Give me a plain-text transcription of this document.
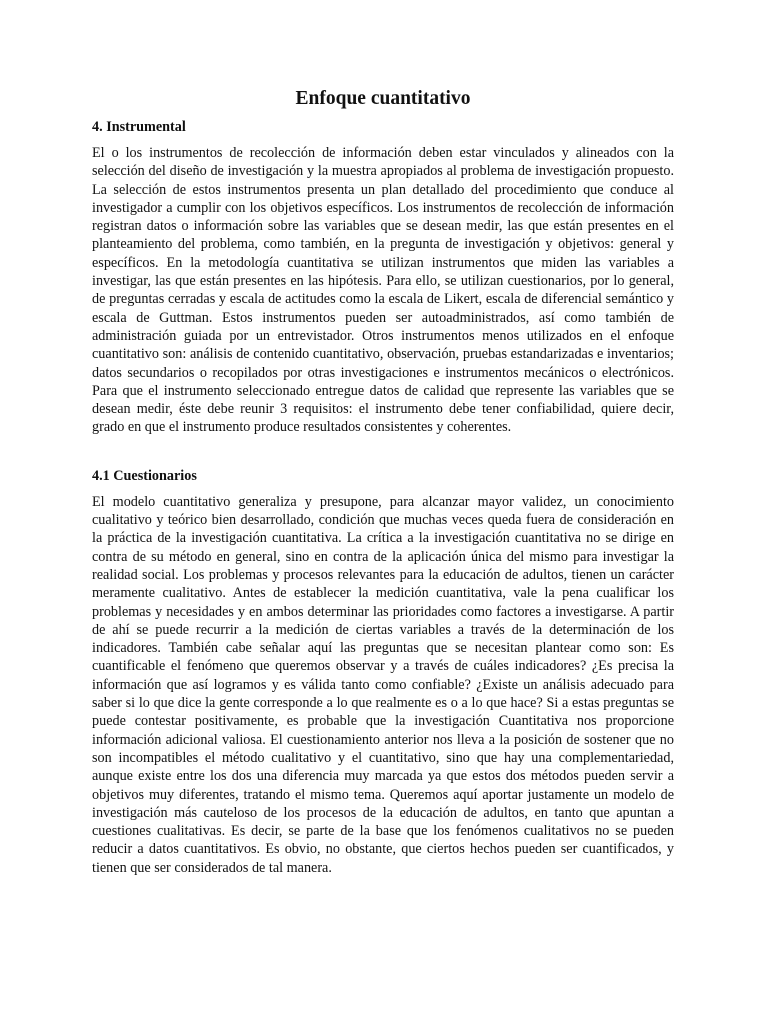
Enfoque cuantitativo
4. Instrumental

El o los instrumentos de recolección de información deben estar vinculados y alineados con la selección del diseño de investigación y la muestra apropiados al problema de investigación propuesto. La selección de estos instrumentos presenta un plan detallado del procedimiento que conduce al investigador a cumplir con los objetivos específicos. Los instrumentos de recolección de información registran datos o información sobre las variables que se desean medir, las que están presentes en el planteamiento del problema, como también, en la pregunta de investigación y objetivos: general y específicos. En la metodología cuantitativa se utilizan instrumentos que miden las variables a investigar, las que están presentes en las hipótesis. Para ello, se utilizan cuestionarios, por lo general, de preguntas cerradas y escala de actitudes como la escala de Likert, escala de diferencial semántico y escala de Guttman. Estos instrumentos pueden ser autoadministrados, así como también de administración guiada por un entrevistador. Otros instrumentos menos utilizados en el enfoque cuantitativo son: análisis de contenido cuantitativo, observación, pruebas estandarizadas e inventarios; datos secundarios o recopilados por otras investigaciones e instrumentos mecánicos o electrónicos. Para que el instrumento seleccionado entregue datos de calidad que represente las variables que se desean medir, éste debe reunir 3 requisitos: el instrumento debe tener confiabilidad, quiere decir, grado en que el instrumento produce resultados consistentes y coherentes.

4.1 Cuestionarios

El modelo cuantitativo generaliza y presupone, para alcanzar mayor validez, un conocimiento cualitativo y teórico bien desarrollado, condición que muchas veces queda fuera de consideración en la práctica de la investigación cuantitativa. La crítica a la investigación cuantitativa no se dirige en contra de su método en general, sino en contra de la aplicación única del mismo para investigar la realidad social. Los problemas y procesos relevantes para la educación de adultos, tienen un carácter meramente cualitativo. Antes de establecer la medición cuantitativa, vale la pena cualificar los problemas y necesidades y en ambos determinar las prioridades como factores a investigarse. A partir de ahí se puede recurrir a la medición de ciertas variables a través de la determinación de los indicadores. También cabe señalar aquí las preguntas que se necesitan plantear como son: Es cuantificable el fenómeno que queremos observar y a través de cuáles indicadores? ¿Es precisa la información que así logramos y es válida tanto como confiable? ¿Existe un análisis adecuado para saber si lo que dice la gente corresponde a lo que realmente es o a lo que hace? Si a estas preguntas se puede contestar positivamente, es probable que la investigación Cuantitativa nos proporcione información adicional valiosa. El cuestionamiento anterior nos lleva a la posición de sostener que no son incompatibles el método cualitativo y el cuantitativo, sino que hay una complementariedad, aunque existe entre los dos una diferencia muy marcada ya que estos dos métodos pueden servir a objetivos muy diferentes, tratando el mismo tema. Queremos aquí aportar justamente un modelo de investigación más cauteloso de los procesos de la educación de adultos, en tanto que apuntan a cuestiones cualitativas. Es decir, se parte de la base que los fenómenos cualitativos no se pueden reducir a datos cuantitativos. Es obvio, no obstante, que ciertos hechos pueden ser cuantificados, y tienen que ser considerados de tal manera.
